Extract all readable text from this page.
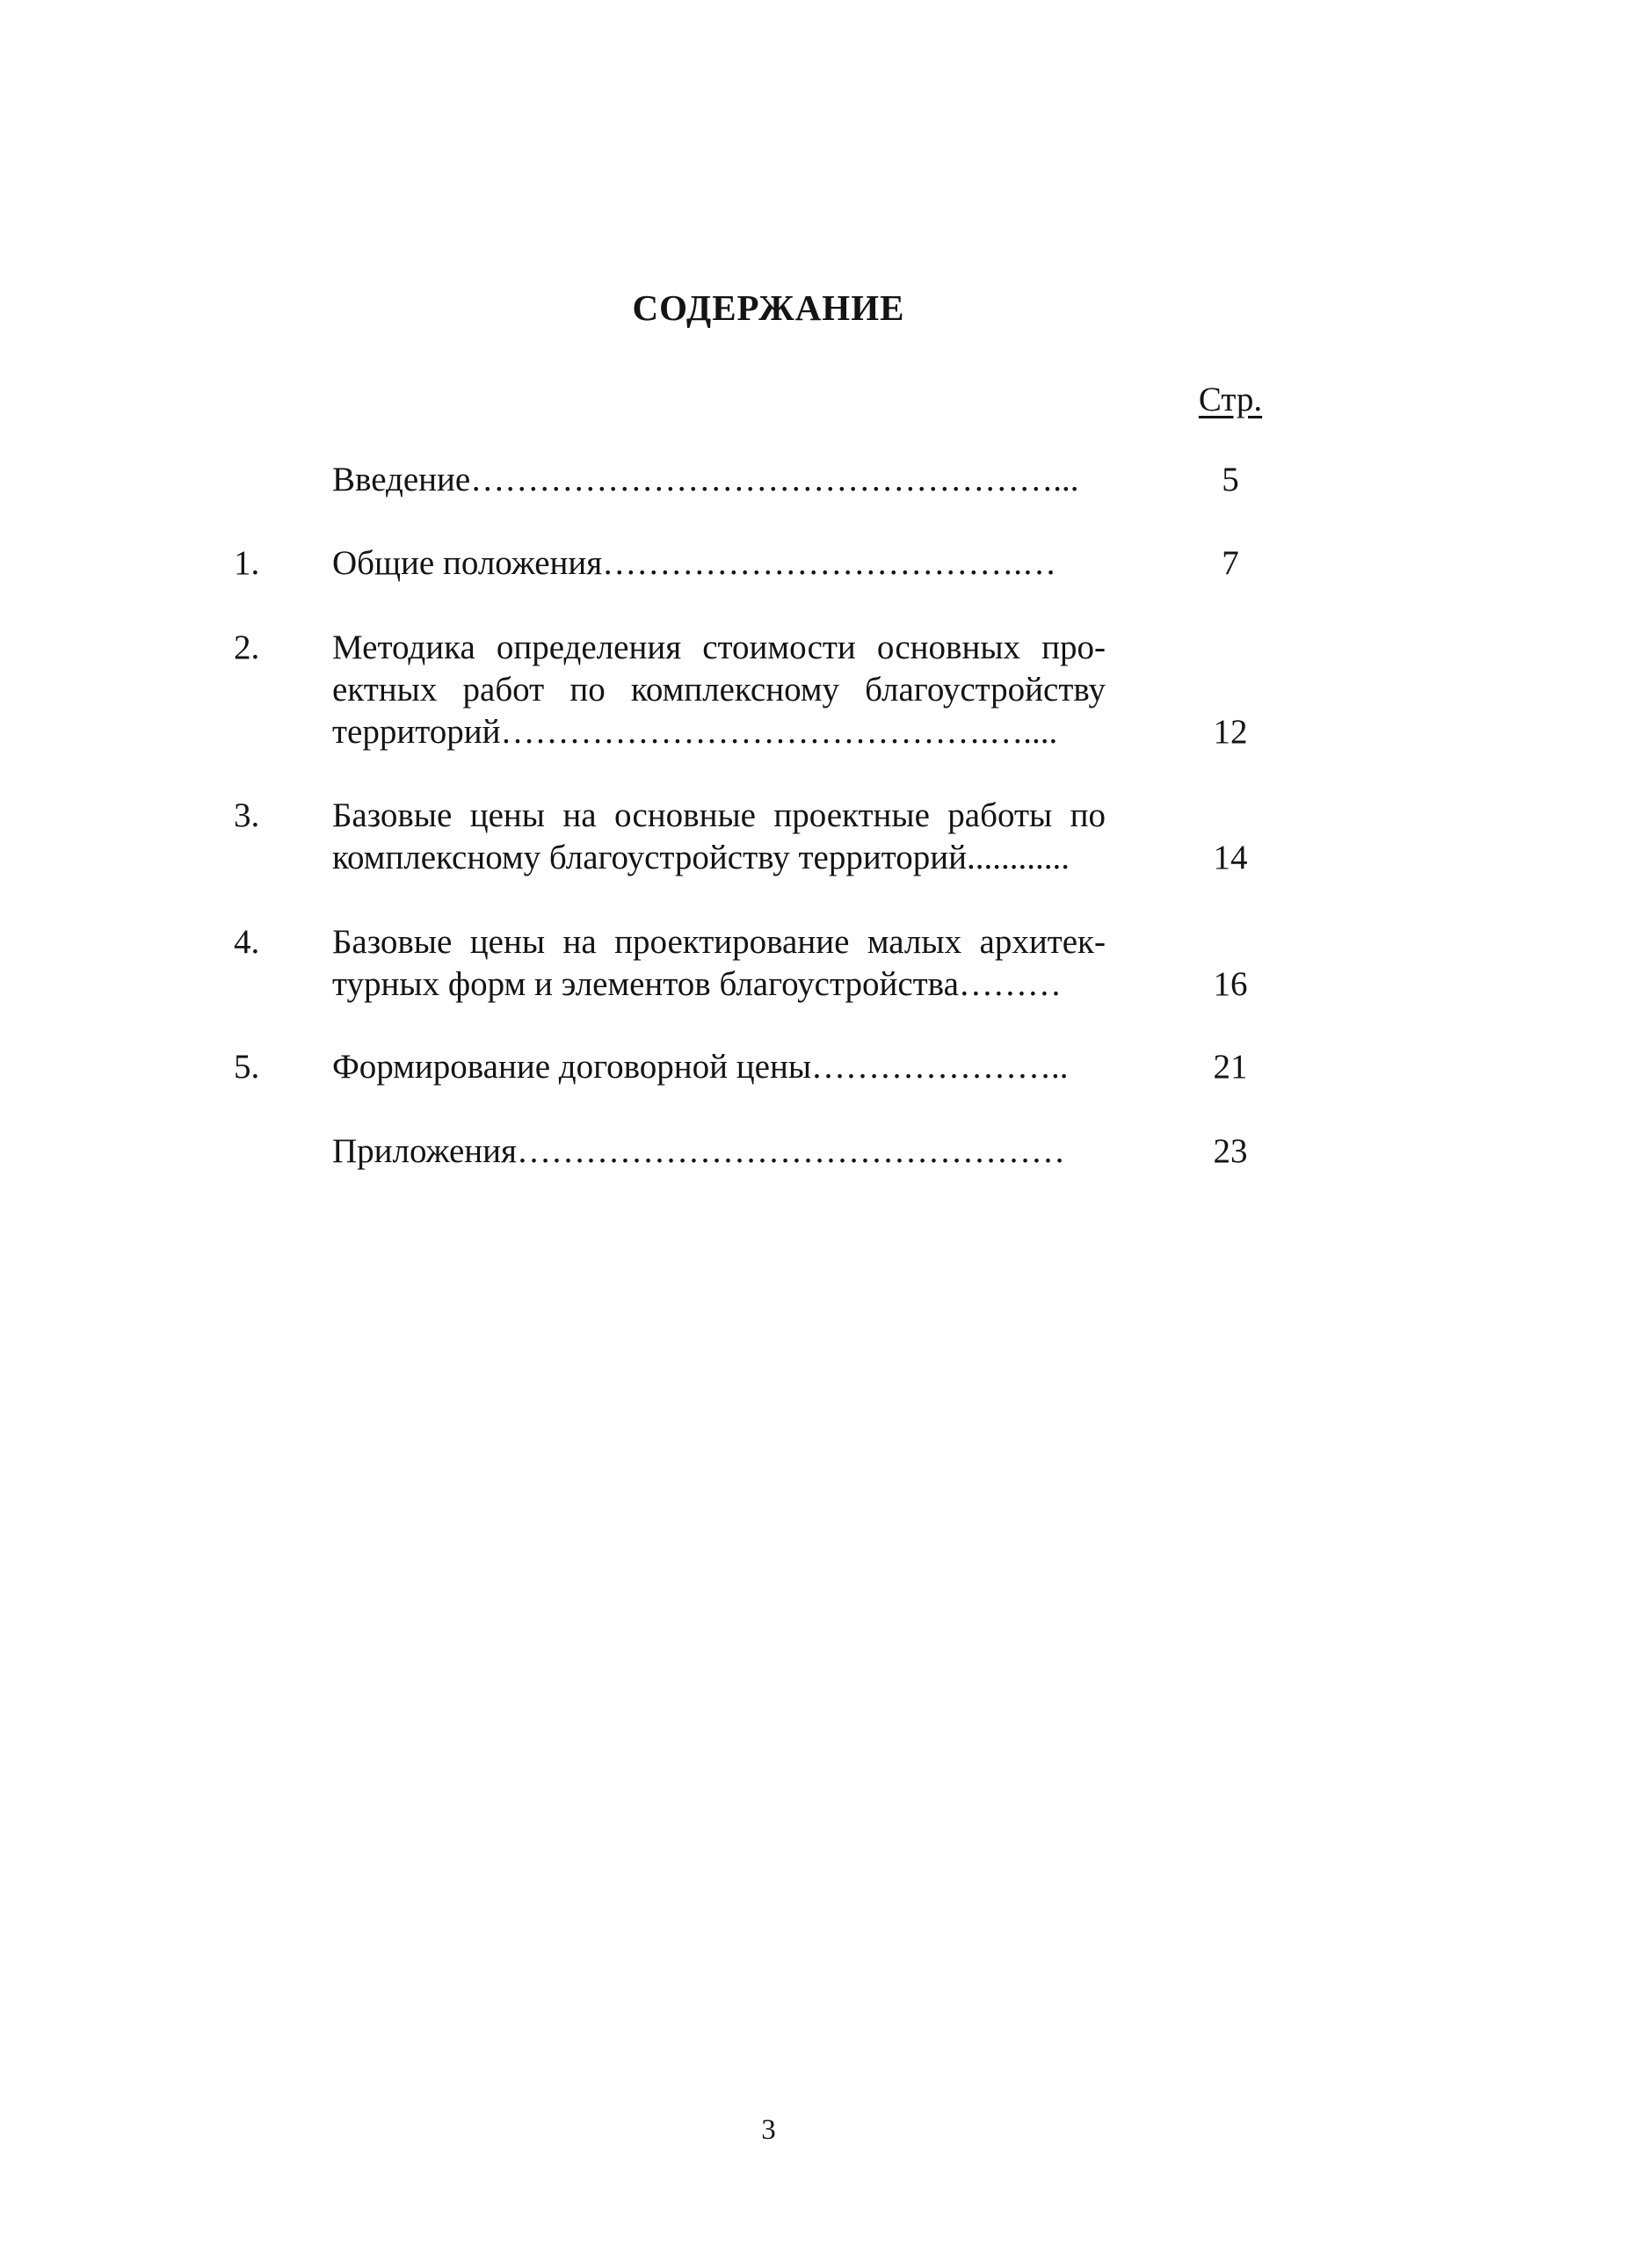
СОДЕРЖАНИЕ
Стр.
Введение……………………………………………...	5
1.	Общие положения……………………………….…	7
2.	Методика определения стоимости основных про-
ектных работ по комплексному благоустройству
территорий…………………………………….…....	12
3.	Базовые цены на основные проектные работы по
комплексному благоустройству территорий............	14
4.	Базовые цены на проектирование малых архитек-
турных форм и элементов благоустройства………	16
5.	Формирование договорной цены…………………..	21
Приложения…………………………………………	23
3
